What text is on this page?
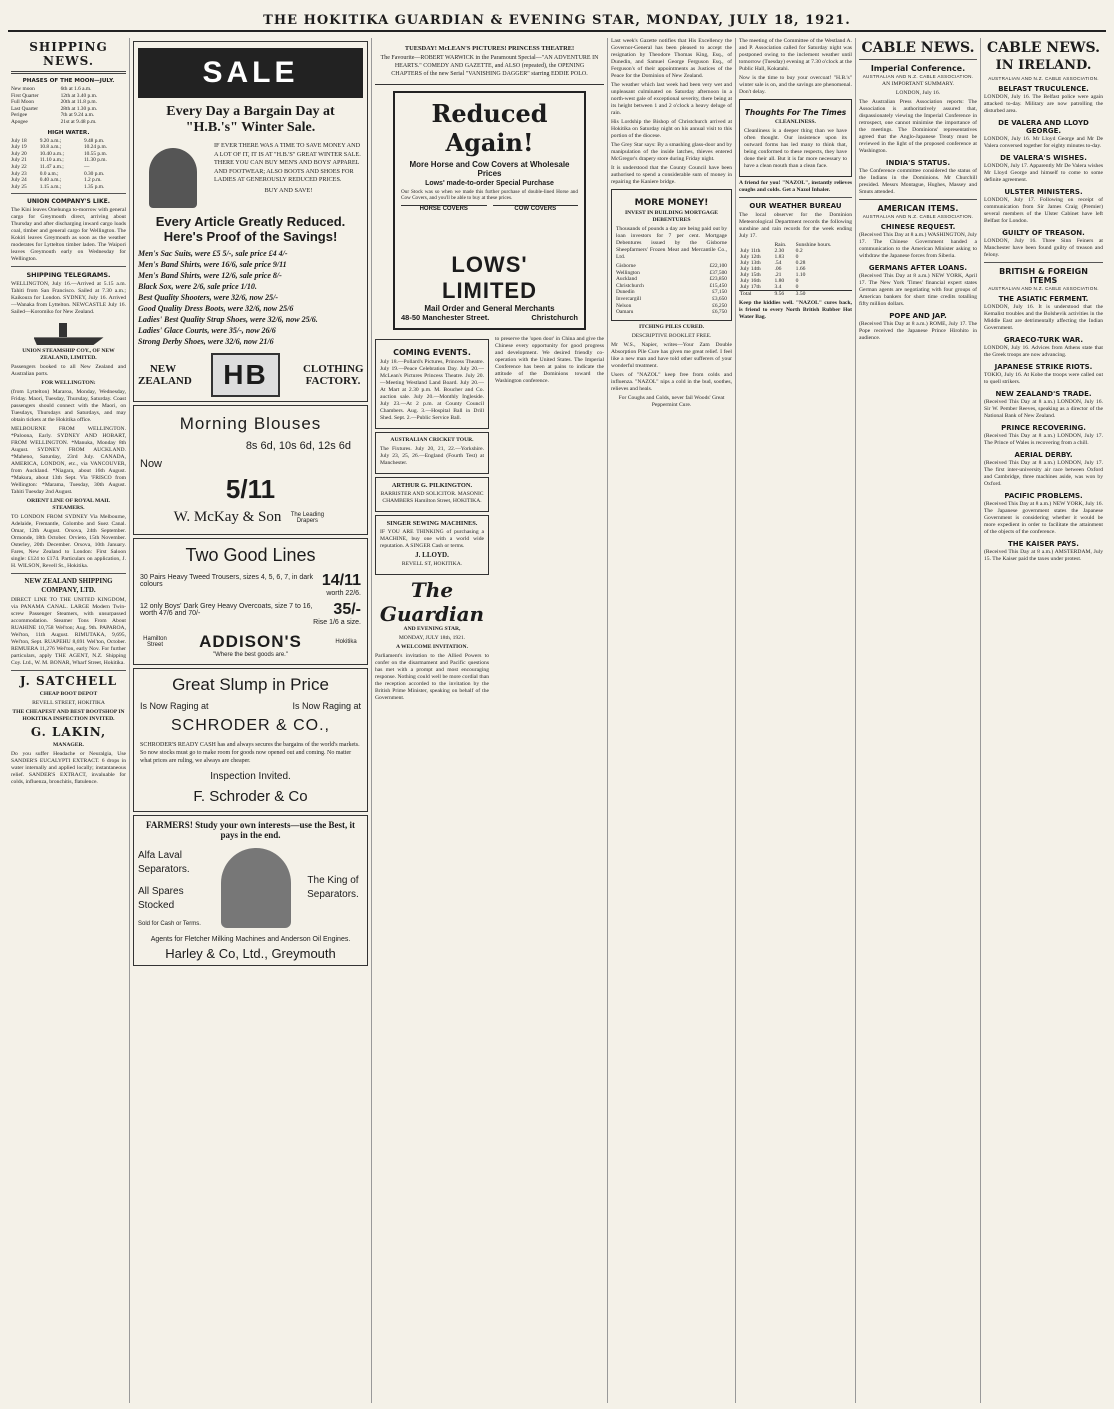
THE HOKITIKA GUARDIAN & EVENING STAR, MONDAY, JULY 18, 1921.
SHIPPING NEWS.
PHASES OF THE MOON—JULY.
New moon	6th at 1.6 a.m.
First Quarter	12th at 3.40 p.m.
Full Moon	20th at 11.8 p.m.
Last Quarter	28th at 1.30 p.m.
Perigee	7th at 9.24 a.m.
Apogee	21st at 9.48 p.m.
HIGH WATER.
July 18	9.20 a.m.;	9.48 p.m.
July 19	10.8 a.m.;	10.24 p.m.
July 20	10.40 a.m.;	10.55 p.m.
July 21	11.10 a.m.;	11.30 p.m.
July 22	11.47 a.m.;	—
July 23	0.0 a.m.;	0.30 p.m.
July 24	0.40 a.m.;	1.2 p.m.
July 25	1.15 a.m.;	1.35 p.m.
UNION COMPANY'S LIKE.

The Kini leaves Onehunga to-morrow with general cargo for Greymouth direct, arriving about Thursday and after discharging inward cargo loads coal, timber and general cargo for Wellington. The Kokiri leaves Greymouth as soon as the weather moderates for Lyttelton timber laden. The Waipori leaves Greymouth early on Wednesday for Wellington.

SHIPPING TELEGRAMS.

WELLINGTON, July 16.—Arrived at 5.15 a.m. Tahiti from San Francisco. Sailed at 7.30 a.m.; Kaikoura for London. SYDNEY, July 16. Arrived—Wanaka from Lyttelton. NEWCASTLE July 16. Sailed—Koromiko for New Zealand.

UNION STEAMSHIP COY., OF NEW ZEALAND, LIMITED.

Passengers booked to all New Zealand and Australian ports.

FOR WELLINGTON:

(from Lyttelton) Mararoa, Monday, Wednesday, Friday. Maori, Tuesday, Thursday, Saturday. Coast passengers should connect with the Maori, on Tuesdays, Thursdays and Saturdays, and may obtain tickets at the Hokitika office.

MELBOURNE FROM WELLINGTON. *Paloona, Early. SYDNEY AND HOBART, FROM WELLINGTON. *Manuka, Monday 8th August. SYDNEY FROM AUCKLAND. *Maheno, Saturday, 23rd July. CANADA, AMERICA, LONDON, etc., via VANCOUVER, from Auckland. *Niagara, about 16th August. *Makura, about 13th Sept. Via 'FRISCO from Wellington: *Marama, Tuesday, 30th August. Tahiti Tuesday 2nd August.

ORIENT LINE OF ROYAL MAIL STEAMERS.

TO LONDON FROM SYDNEY Via Melbourne, Adelaide, Fremantle, Colombo and Suez Canal. Omar, 12th August. Orsova, 24th September. Ormonde, 18th October. Orvieto, 15th November. Osterley, 20th December. Orsova, 10th January. Fares, New Zealand to London: First Saloon single: £124 to £174. Particulars on application, J. H. WILSON, Revell St., Hokitika.

NEW ZEALAND SHIPPING COMPANY, LTD.

DIRECT LINE TO THE UNITED KINGDOM, via PANAMA CANAL. LARGE Modern Twin-screw Passenger Steamers, with unsurpassed accommodation. Steamer Tons From About RUAHINE 10,758 Wel'ton; Aug. 9th. PAPAROA, Wel'ton, 11th August. RIMUTAKA, 9,695, Wel'ton, Sept. RUAPEHU 8,691 Wel'ton, October. REMUERA 11,276 Wel'ton, early Nov. For further particulars, apply THE AGENT, N.Z. Shipping Coy. Ltd., W. M. BONAR, Wharf Street, Hokitika.

J. SATCHELL

CHEAP BOOT DEPOT

REVELL STREET, HOKITIKA

THE CHEAPEST AND BEST BOOTSHOP IN HOKITIKA INSPECTION INVITED.

G. LAKIN,

MANAGER.

Do you suffer Headache or Neuralgia, Use SANDER'S EUCALYPTI EXTRACT. 6 drops in water internally and applied locally; instantaneous relief. SANDER'S EXTRACT, invaluable for colds, influenza, bronchitis, flatulence.

SALE
Every Day a Bargain Day at
"H.B.'s" Winter Sale.

IF EVER THERE WAS A TIME TO SAVE MONEY AND A LOT OF IT, IT IS AT "H.B.'S" GREAT WINTER SALE. THERE YOU CAN BUY MEN'S AND BOYS' APPAREL AND FOOTWEAR; ALSO BOOTS AND SHOES FOR LADIES AT GENEROUSLY REDUCED PRICES.

BUY AND SAVE!

Every Article Greatly Reduced.
Here's Proof of the Savings!
Men's Sac Suits, were £5 5/-, sale price £4 4/-
Men's Band Shirts, were 16/6, sale price 9/11
Men's Band Shirts, were 12/6, sale price 8/-
Black Sox, were 2/6, sale price 1/10.
Best Quality Shooters, were 32/6, now 25/-
Good Quality Dress Boots, were 32/6, now 25/6
Ladies' Best Quality Strap Shoes, were 32/6, now 25/6.
Ladies' Glace Courts, were 35/-, now 26/6
Strong Derby Shoes, were 32/6, now 21/6
NEW ZEALAND	HB	CLOTHING FACTORY.
Morning Blouses
8s 6d, 10s 6d, 12s 6d
Now
5/11
W. McKay & Son	The Leading Drapers
Two Good Lines
30 Pairs Heavy Tweed Trousers, sizes 4, 5, 6, 7, in dark colours	14/11
worth 22/6.
12 only Boys' Dark Grey Heavy Overcoats, size 7 to 16, worth 47/6 and 70/-	35/-
Rise 1/6 a size.
Hamilton Street	ADDISON'S	Hokitika
"Where the best goods are."
Great Slump in Price
Is Now Raging at	Is Now Raging at
SCHRODER & CO.,

SCHRODER'S READY CASH has and always secures the bargains of the world's markets. So now stocks must go to make room for goods now opened out and coming. No matter what prices are ruling, we always are cheaper.

Inspection Invited.
F. Schroder & Co
FARMERS! Study your own interests—use the Best, it pays in the end.
Alfa Laval Separators.
All Spares Stocked
Sold for Cash or Terms.
The King of Separators.
Agents for Fletcher Milking Machines and Anderson Oil Engines.
Harley & Co, Ltd., Greymouth

TUESDAY! McLEAN'S PICTURES! PRINCESS THEATRE!

The Favourite—ROBERT WARWICK in the Paramount Special—"AN ADVENTURE IN HEARTS." COMEDY AND GAZETTE, and ALSO (repeated), the OPENING CHAPTERS of the new Serial "VANISHING DAGGER" starring EDDIE POLO.

Reduced Again!
More Horse and Cow Covers at Wholesale Prices
Lows' made-to-order Special Purchase

Our Stock was so when we made this further purchase of double-lined Horse and Cow Covers, and you'll be able to buy at these prices.

HORSE COVERS	COW COVERS
LOWS' LIMITED
Mail Order and General Merchants
48-50 Manchester Street.	Christchurch
COMING EVENTS.

July 18.—Pollard's Pictures, Princess Theatre. July 19.—Peace Celebration Day. July 20.—McLean's Pictures Princess Theatre. July 20.—Meeting Westland Land Board. July 20.—At Mart at 2.30 p.m. M. Boucher and Co. auction sale. July 20.—Monthly Ingleside. July 23.—At 2 p.m. at County Council Chambers. Aug. 3.—Hospital Ball in Drill Shed. Sept. 2.—Public Service Ball.

AUSTRALIAN CRICKET TOUR.

The Fixtures. July 20, 21, 22.—Yorkshire. July 23, 25, 26.—England (Fourth Test) at Manchester.

ARTHUR G. PILKINGTON.

BARRISTER AND SOLICITOR. MASONIC CHAMBERS Hamilton Street, HOKITIKA.

SINGER SEWING MACHINES.

IF YOU ARE THINKING of purchasing a MACHINE, buy one with a world wide reputation. A SINGER Cash or terms.

J. LLOYD.

REVELL ST, HOKITIKA.

The Guardian

AND EVENING STAR,

MONDAY, JULY 18th, 1921.

A WELCOME INVITATION.

Parliament's invitation to the Allied Powers to confer on the disarmament and Pacific questions has met with a prompt and most encouraging response. Nothing could well be more cordial than the reception accorded to the invitation by the British Prime Minister, speaking on behalf of the Government.

to preserve the 'open door' in China and give the Chinese every opportunity for good progress and development. We desired friendly co-operation with the United States. The Imperial Conference has been at pains to indicate the attitude of the Dominions toward the Washington conference.

Last week's Gazette notifies that His Excellency the Governor-General has been pleased to accept the resignation by Theodore Thomas King, Esq., of Dunedin, and Samuel George Ferguson Esq., of Ferguson's of their appointments as Justices of the Peace for the Dominion of New Zealand.

The weather which last week had been very wet and unpleasant culminated on Saturday afternoon in a north-west gale of exceptional severity, there being at its height between 1 and 2 o'clock a heavy deluge of rain.

His Lordship the Bishop of Christchurch arrived at Hokitika on Saturday night on his annual visit to this portion of the diocese.

The Grey Star says: By a smashing glass-door and by manipulation of the inside latches, thieves entered McGregor's drapery store during Friday night.

It is understood that the County Council have been authorised to spend a considerable sum of money in repairing the Kaniere bridge.

MORE MONEY!

INVEST IN BUILDING MORTGAGE DEBENTURES

Thousands of pounds a day are being paid out by loan investors for 7 per cent. Mortgage Debentures issued by the Gisborne Sheepfarmers' Frozen Meat and Mercantile Co., Ltd.

Gisborne	£22,100
Wellington	£37,500
Auckland	£23,850
Christchurch	£15,450
Dunedin	£7,150
Invercargill	£3,650
Nelson	£6,250
Oamaru	£6,750

ITCHING PILES CURED.

DESCRIPTIVE BOOKLET FREE.

Mr W.S., Napier, writes—Your Zam Double Absorption Pile Cure has given me great relief. I feel like a new man and have told other sufferers of your wonderful treatment.

Users of "NAZOL" keep free from colds and influenza. "NAZOL" nips a cold in the bud, soothes, relieves and heals.

For Coughs and Colds, never fail Woods' Great Peppermint Cure.

The meeting of the Committee of the Westland A. and P. Association called for Saturday night was postponed owing to the inclement weather until tomorrow (Tuesday) evening at 7.30 o'clock at the Public Hall, Kokatahi.

Now is the time to buy your overcoat! "H.B.'s" winter sale is on, and the savings are phenomenal. Don't delay.

Thoughts For The Times

CLEANLINESS.

Cleanliness is a deeper thing than we have often thought. Our insistence upon its outward forms has led many to think that, being conformed to these respects, they have done their all. But it is far more necessary to have a clean mouth than a clean face.

A friend for you! "NAZOL", instantly relieves coughs and colds. Get a Nazol Inhaler.

OUR WEATHER BUREAU

The local observer for the Dominion Meteorological Department records the following sunshine and rain records for the week ending July 17.

	Rain.	Sunshine hours.
July 11th	2.30	0.2
July 12th	1.83	0
July 13th	.54	0.28
July 14th	.06	1.66
July 15th	.21	1.10
July 16th	1.80	0
July 17th	3.4	0
Total	9.56	3.50

Keep the kiddies well. "NAZOL" cures back, is friend to every North British Rubber Hot Water Bag.

CABLE NEWS.
Imperial Conference.
AUSTRALIAN AND N.Z. CABLE ASSOCIATION.

AN IMPORTANT SUMMARY.

LONDON, July 16.

The Australian Press Association reports: The Association is authoritatively assured that, dispassionately viewing the Imperial Conference in retrospect, one cannot minimise the importance of the meetings. The Dominions' representatives agreed that the Anglo-Japanese Treaty must be reviewed in the light of the proposed conference at Washington.

INDIA'S STATUS.

The Conference committee considered the status of the Indians in the Dominions. Mr Churchill presided. Messrs Montague, Hughes, Massey and Smuts attended.

AMERICAN ITEMS.
AUSTRALIAN AND N.Z. CABLE ASSOCIATION.
CHINESE REQUEST.

(Received This Day at 8 a.m.) WASHINGTON, July 17. The Chinese Government handed a communication to the American Minister asking to withdraw the Japanese forces from Siberia.

GERMANS AFTER LOANS.

(Received This Day at 8 a.m.) NEW YORK, April 17. The New York 'Times' financial expert states German agents are negotiating with four groups of American bankers for short time credits totalling fifty million dollars.

POPE AND JAP.

(Received This Day at 8 a.m.) ROME, July 17. The Pope received the Japanese Prince Hirohito in audience.

CABLE NEWS.
IN IRELAND.
AUSTRALIAN AND N.Z. CABLE ASSOCIATION.
BELFAST TRUCULENCE.

LONDON, July 16. The Belfast police were again attacked to-day. Military are now patrolling the disturbed area.

DE VALERA AND LLOYD GEORGE.

LONDON, July 16. Mr Lloyd George and Mr De Valera conversed together for eighty minutes to-day.

DE VALERA'S WISHES.

LONDON, July 17. Apparently Mr De Valera wishes Mr Lloyd George and himself to come to some definite agreement.

ULSTER MINISTERS.

LONDON, July 17. Following on receipt of communication from Sir James Craig (Premier) several members of the Ulster Cabinet have left Belfast for London.

GUILTY OF TREASON.

LONDON, July 16. Three Sinn Feiners at Manchester have been found guilty of treason and felony.

BRITISH & FOREIGN ITEMS
AUSTRALIAN AND N.Z. CABLE ASSOCIATION.
THE ASIATIC FERMENT.

LONDON, July 16. It is understood that the Kemalist troubles and the Bolshevik activities in the Middle East are detrimentally affecting the Indian Government.

GRAECO-TURK WAR.

LONDON, July 16. Advices from Athens state that the Greek troops are now advancing.

JAPANESE STRIKE RIOTS.

TOKIO, July 16. At Kobe the troops were called out to quell strikers.

NEW ZEALAND'S TRADE.

(Received This Day at 8 a.m.) LONDON, July 16. Sir W. Pember Reeves, speaking as a director of the National Bank of New Zealand.

PRINCE RECOVERING.

(Received This Day at 8 a.m.) LONDON, July 17. The Prince of Wales is recovering from a chill.

AERIAL DERBY.

(Received This Day at 8 a.m.) LONDON, July 17. The first inter-university air race between Oxford and Cambridge, three machines aside, was won by Oxford.

PACIFIC PROBLEMS.

(Received This Day at 8 a.m.) NEW YORK, July 16. The Japanese government states the Japanese Government is considering whether it would be more expedient in order to facilitate the attainment of the objects of the conference.

THE KAISER PAYS.

(Received This Day at 8 a.m.) AMSTERDAM, July 15. The Kaiser paid the taxes under protest.
